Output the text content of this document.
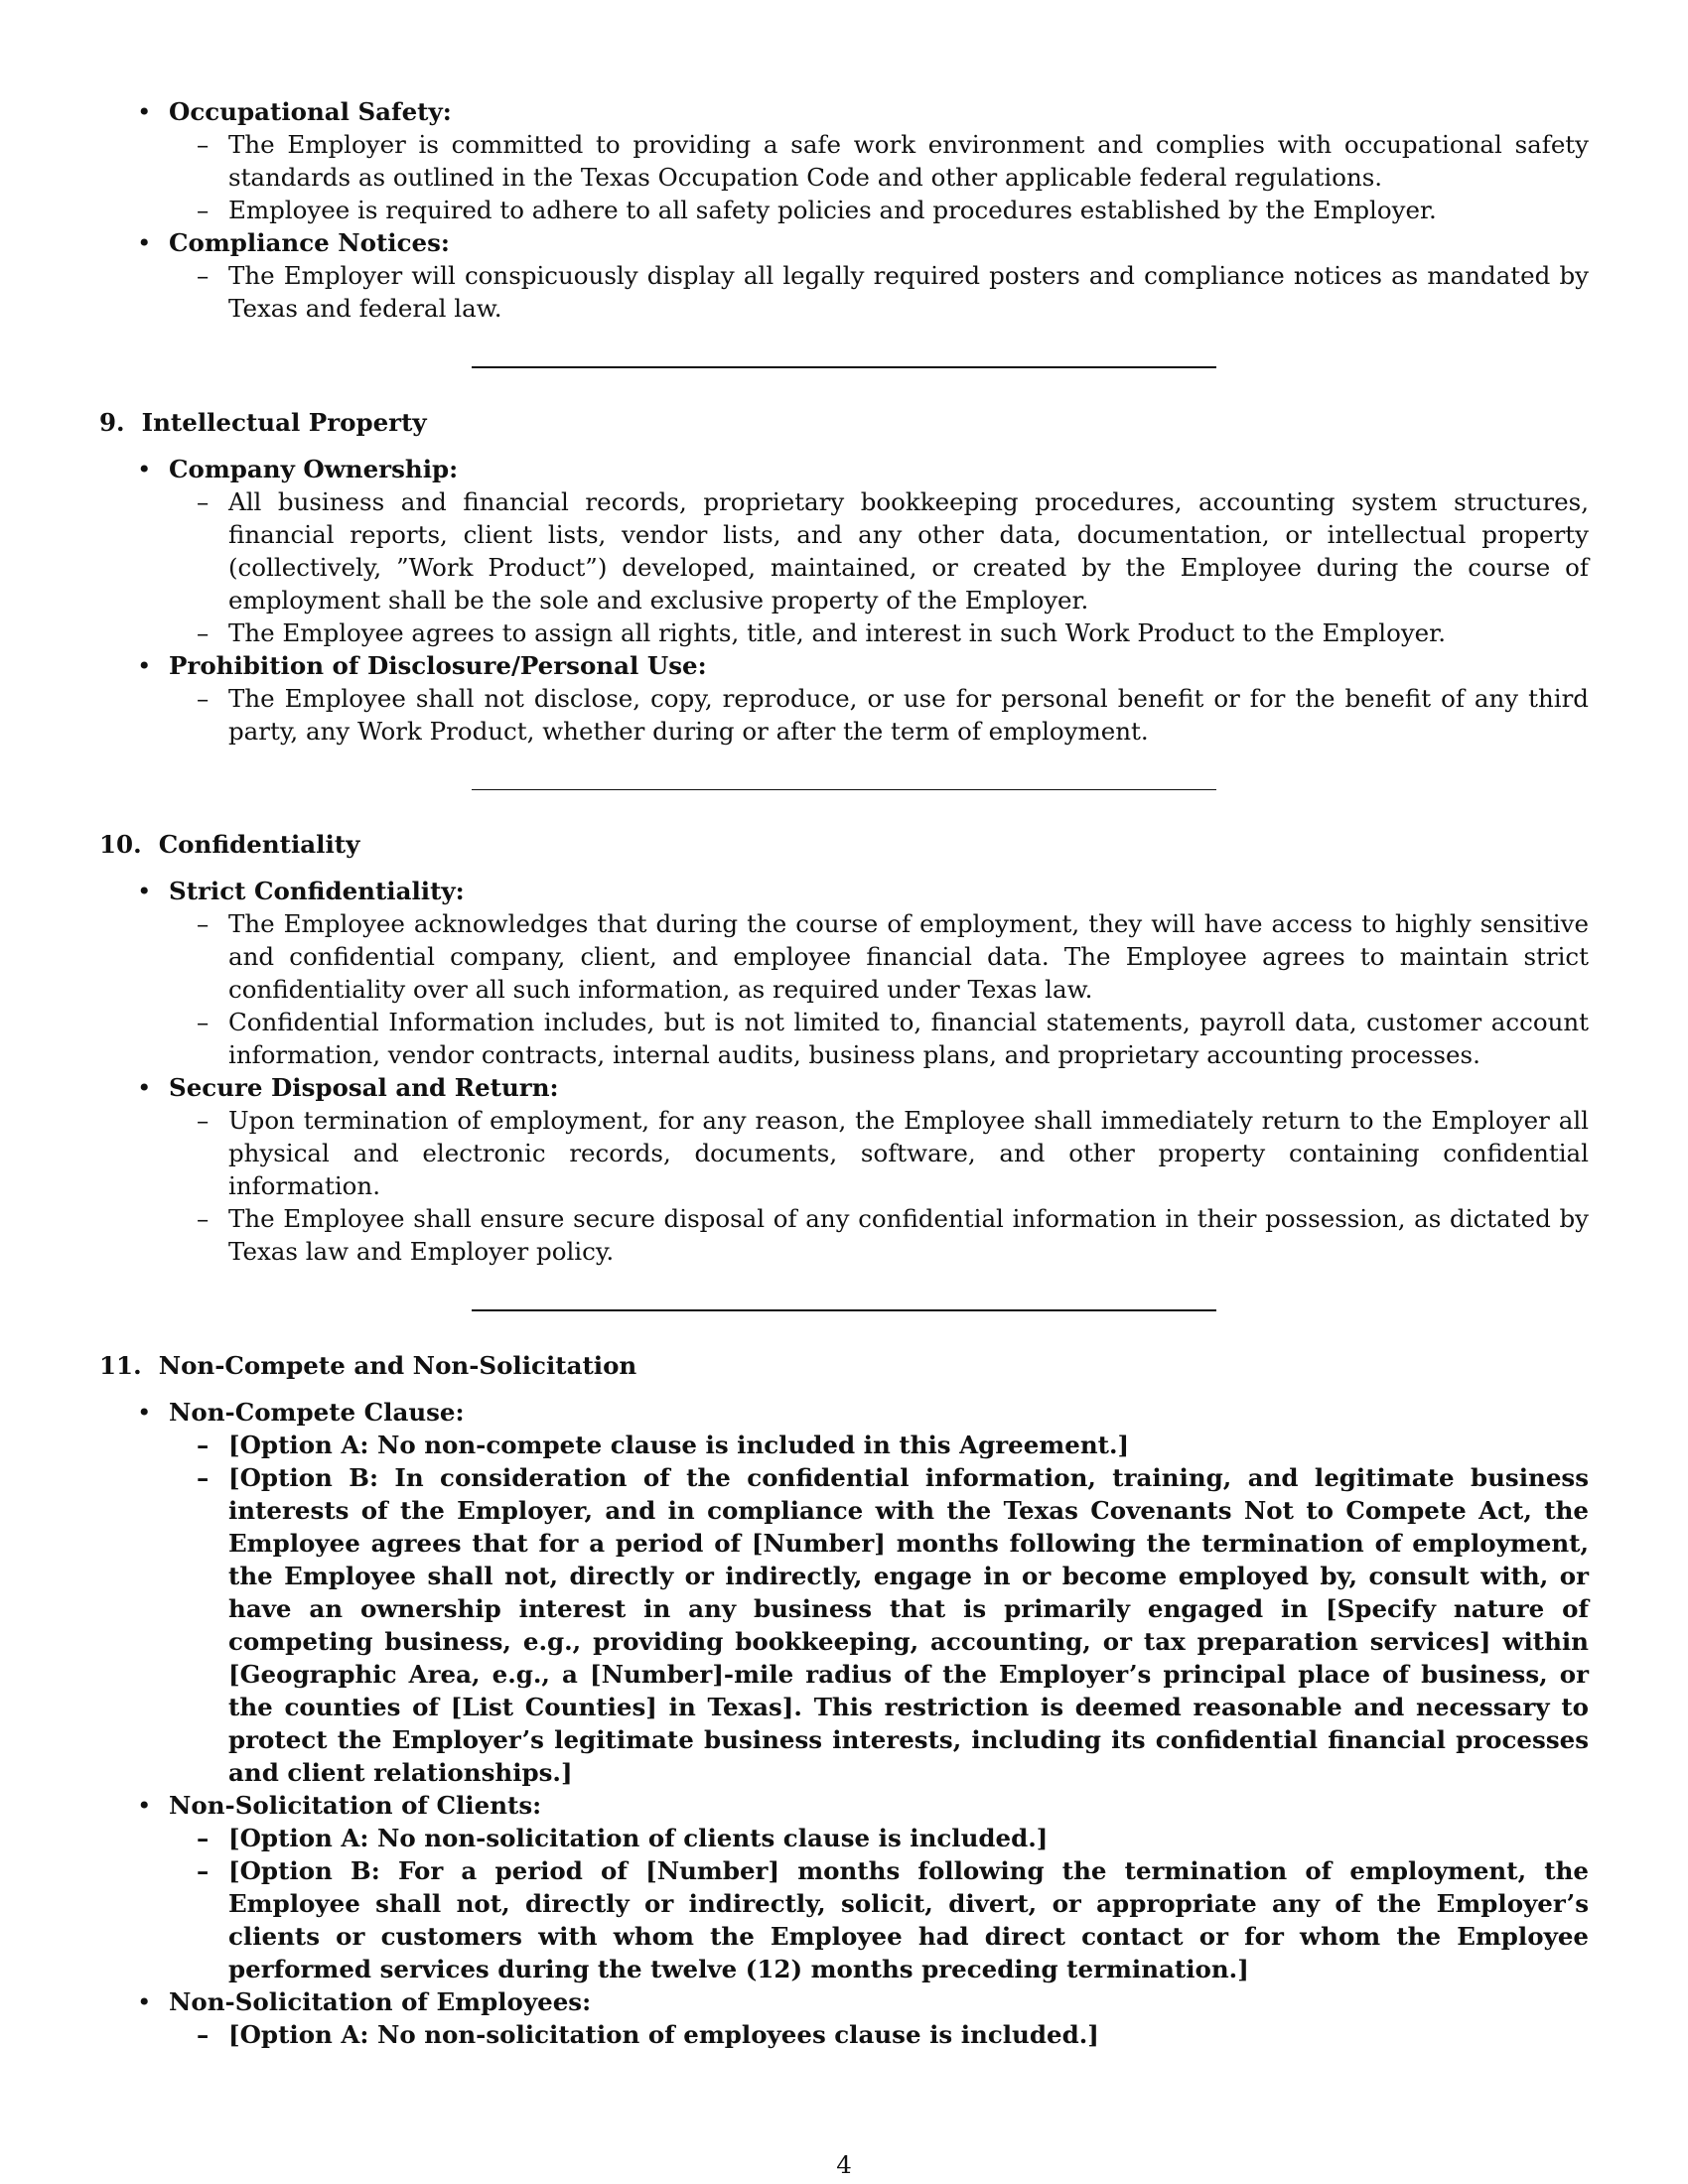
• Occupational Safety:
– The Employer is committed to providing a safe work environment and complies with occupational safety standards as outlined in the Texas Occupation Code and other applicable federal regulations.
– Employee is required to adhere to all safety policies and procedures established by the Employer.
• Compliance Notices:
– The Employer will conspicuously display all legally required posters and compliance notices as mandated by Texas and federal law.
9. Intellectual Property
• Company Ownership:
– All business and financial records, proprietary bookkeeping procedures, accounting system structures, financial reports, client lists, vendor lists, and any other data, documentation, or intellectual property (collectively, ”Work Product”) developed, maintained, or created by the Employee during the course of employment shall be the sole and exclusive property of the Employer.
– The Employee agrees to assign all rights, title, and interest in such Work Product to the Employer.
• Prohibition of Disclosure/Personal Use:
– The Employee shall not disclose, copy, reproduce, or use for personal benefit or for the benefit of any third party, any Work Product, whether during or after the term of employment.
10. Confidentiality
• Strict Confidentiality:
– The Employee acknowledges that during the course of employment, they will have access to highly sensitive and confidential company, client, and employee financial data. The Employee agrees to maintain strict confidentiality over all such information, as required under Texas law.
– Confidential Information includes, but is not limited to, financial statements, payroll data, customer account information, vendor contracts, internal audits, business plans, and proprietary accounting processes.
• Secure Disposal and Return:
– Upon termination of employment, for any reason, the Employee shall immediately return to the Employer all physical and electronic records, documents, software, and other property containing confidential information.
– The Employee shall ensure secure disposal of any confidential information in their possession, as dictated by Texas law and Employer policy.
11. Non-Compete and Non-Solicitation
• Non-Compete Clause:
– [Option A: No non-compete clause is included in this Agreement.]
– [Option B: In consideration of the confidential information, training, and legitimate business interests of the Employer, and in compliance with the Texas Covenants Not to Compete Act, the Employee agrees that for a period of [Number] months following the termination of employment, the Employee shall not, directly or indirectly, engage in or become employed by, consult with, or have an ownership interest in any business that is primarily engaged in [Specify nature of competing business, e.g., providing bookkeeping, accounting, or tax preparation services] within [Geographic Area, e.g., a [Number]-mile radius of the Employer’s principal place of business, or the counties of [List Counties] in Texas]. This restriction is deemed reasonable and necessary to protect the Employer’s legitimate business interests, including its confidential financial processes and client relationships.]
• Non-Solicitation of Clients:
– [Option A: No non-solicitation of clients clause is included.]
– [Option B: For a period of [Number] months following the termination of employment, the Employee shall not, directly or indirectly, solicit, divert, or appropriate any of the Employer’s clients or customers with whom the Employee had direct contact or for whom the Employee performed services during the twelve (12) months preceding termination.]
• Non-Solicitation of Employees:
– [Option A: No non-solicitation of employees clause is included.]
4
